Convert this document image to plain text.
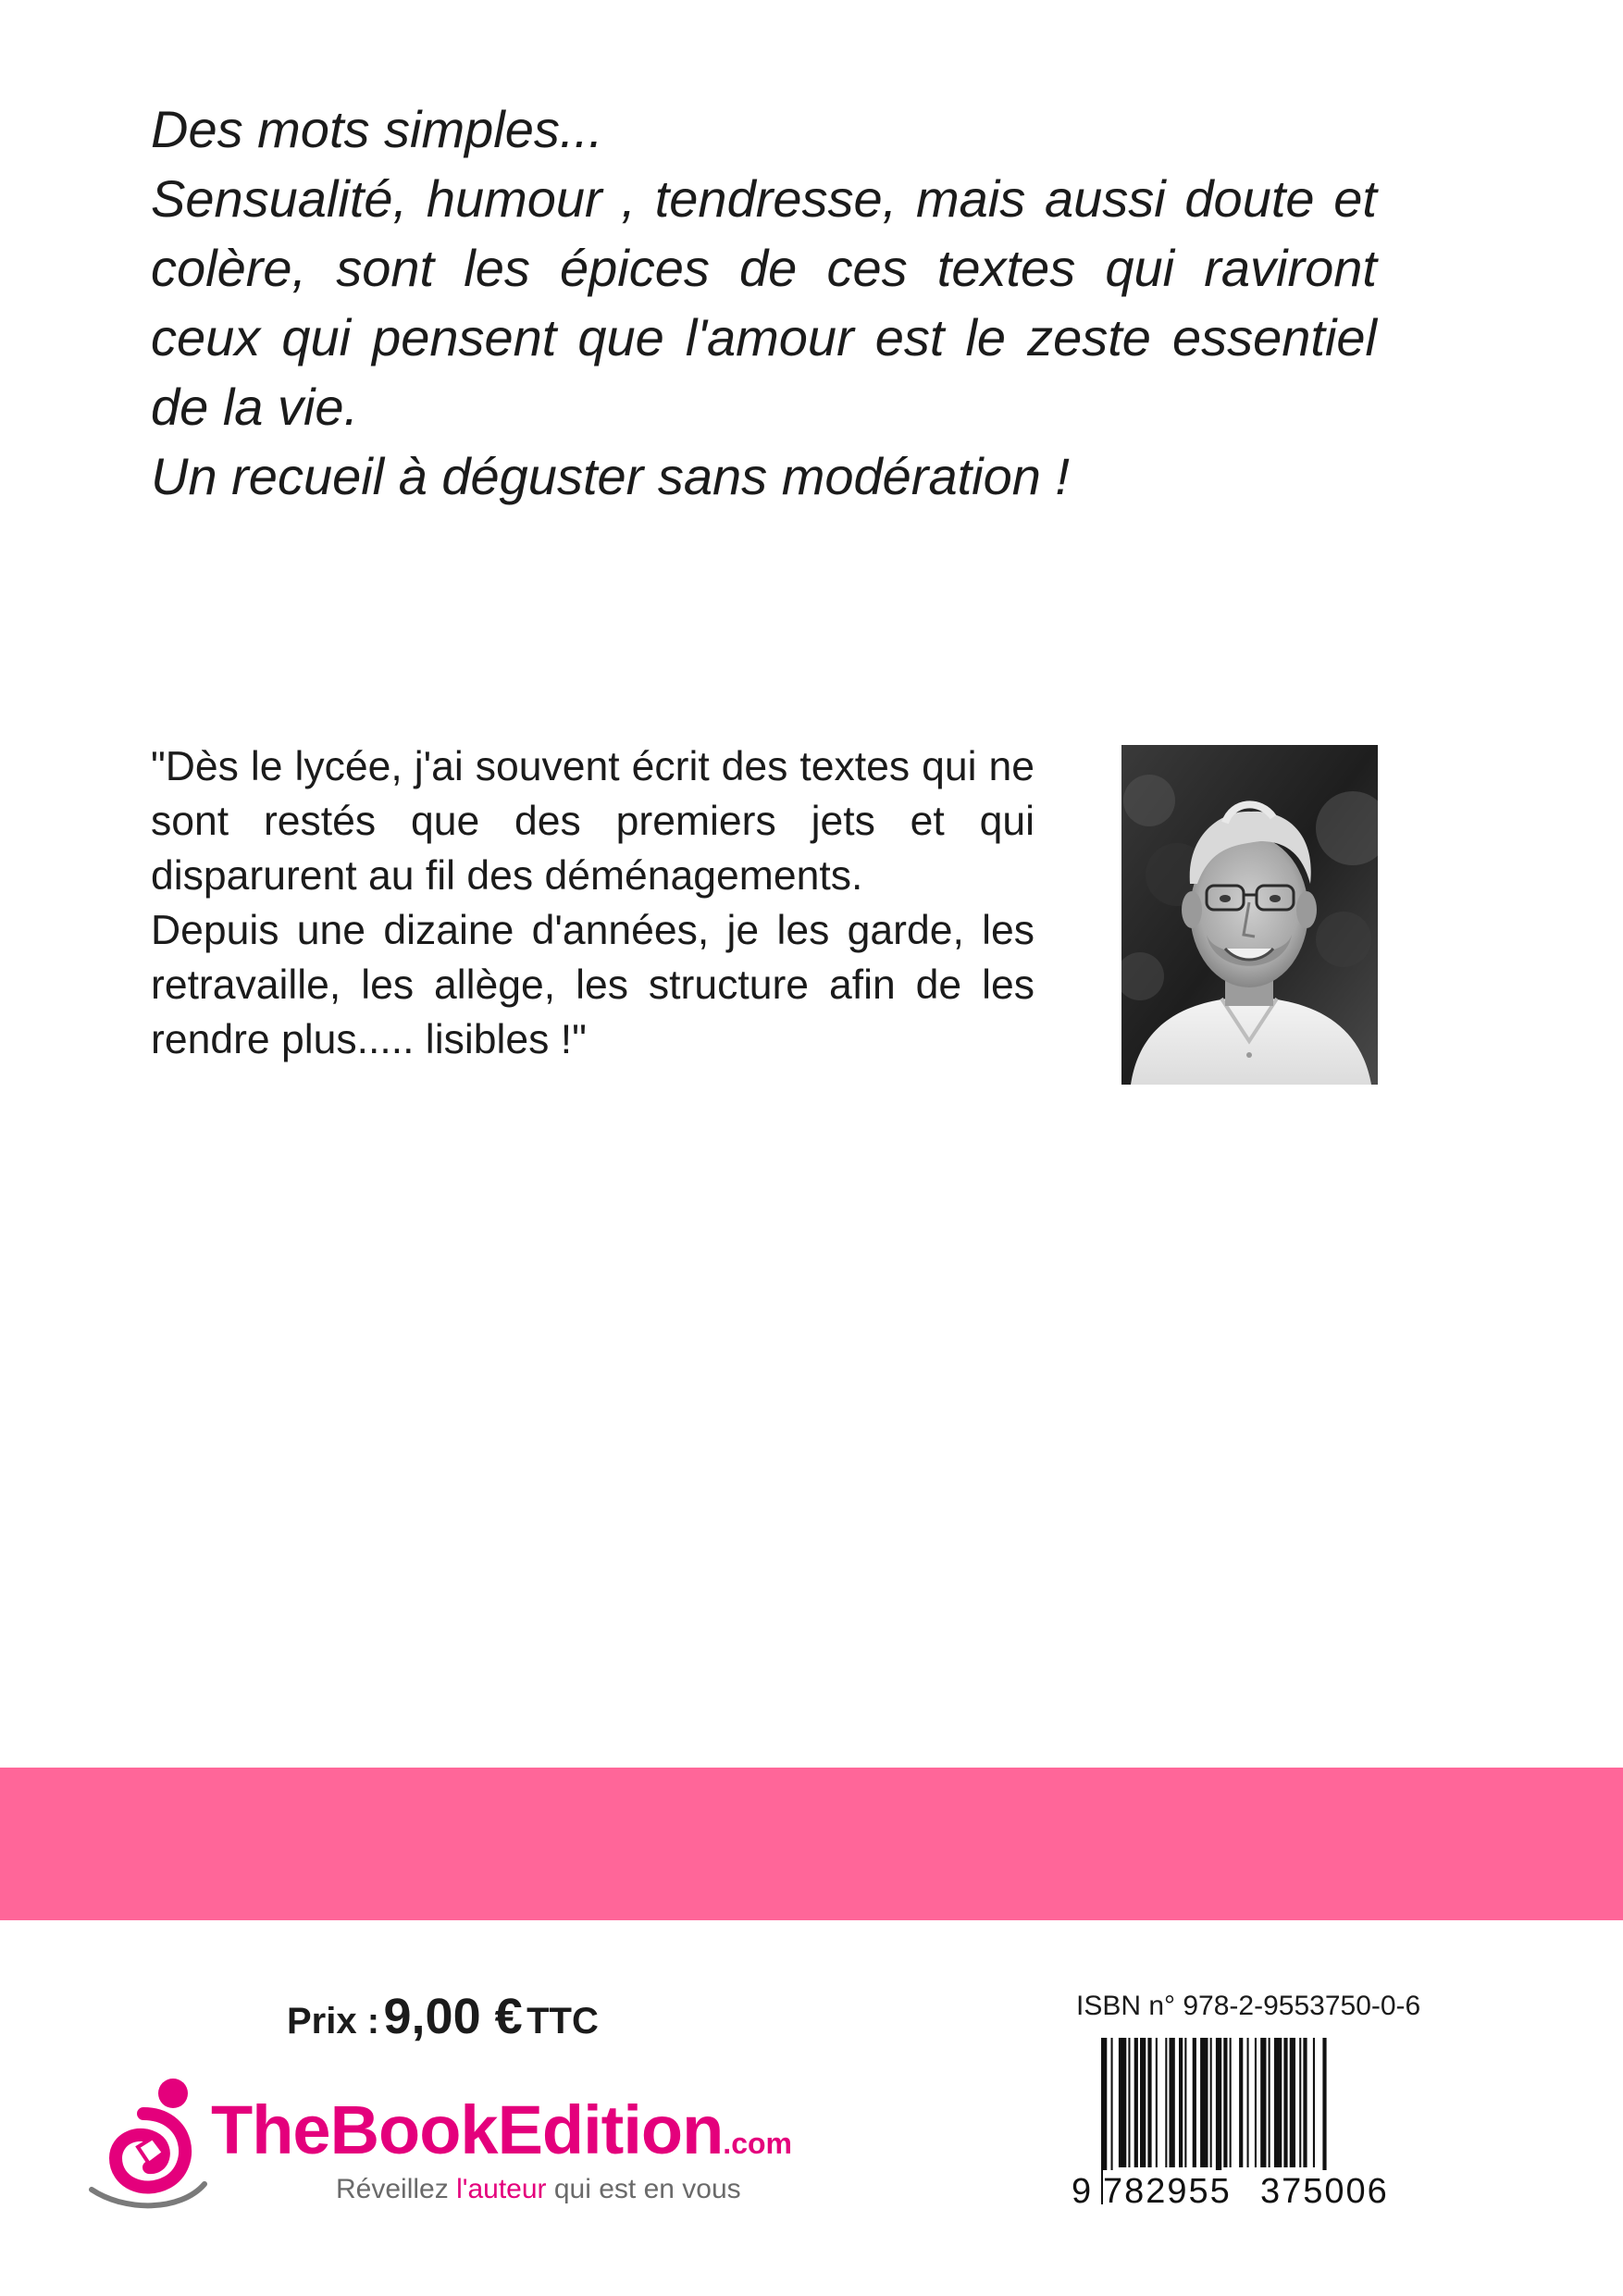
Des mots simples...

Sensualité, humour , tendresse, mais aussi doute et colère, sont les épices de ces textes qui raviront ceux qui pensent que l'amour est le zeste essentiel de la vie.

Un recueil à déguster sans modération !

"Dès le lycée, j'ai souvent écrit des textes qui ne sont restés que des premiers jets et qui disparurent au fil des déménagements.

Depuis une dizaine d'années, je les garde, les retravaille, les allège, les structure afin de les rendre plus..... lisibles !"

Prix : 9,00 € TTC	ISBN n° 978-2-9553750-0-6
9 782955 375006
TheBookEdition.com
Réveillez l'auteur qui est en vous
